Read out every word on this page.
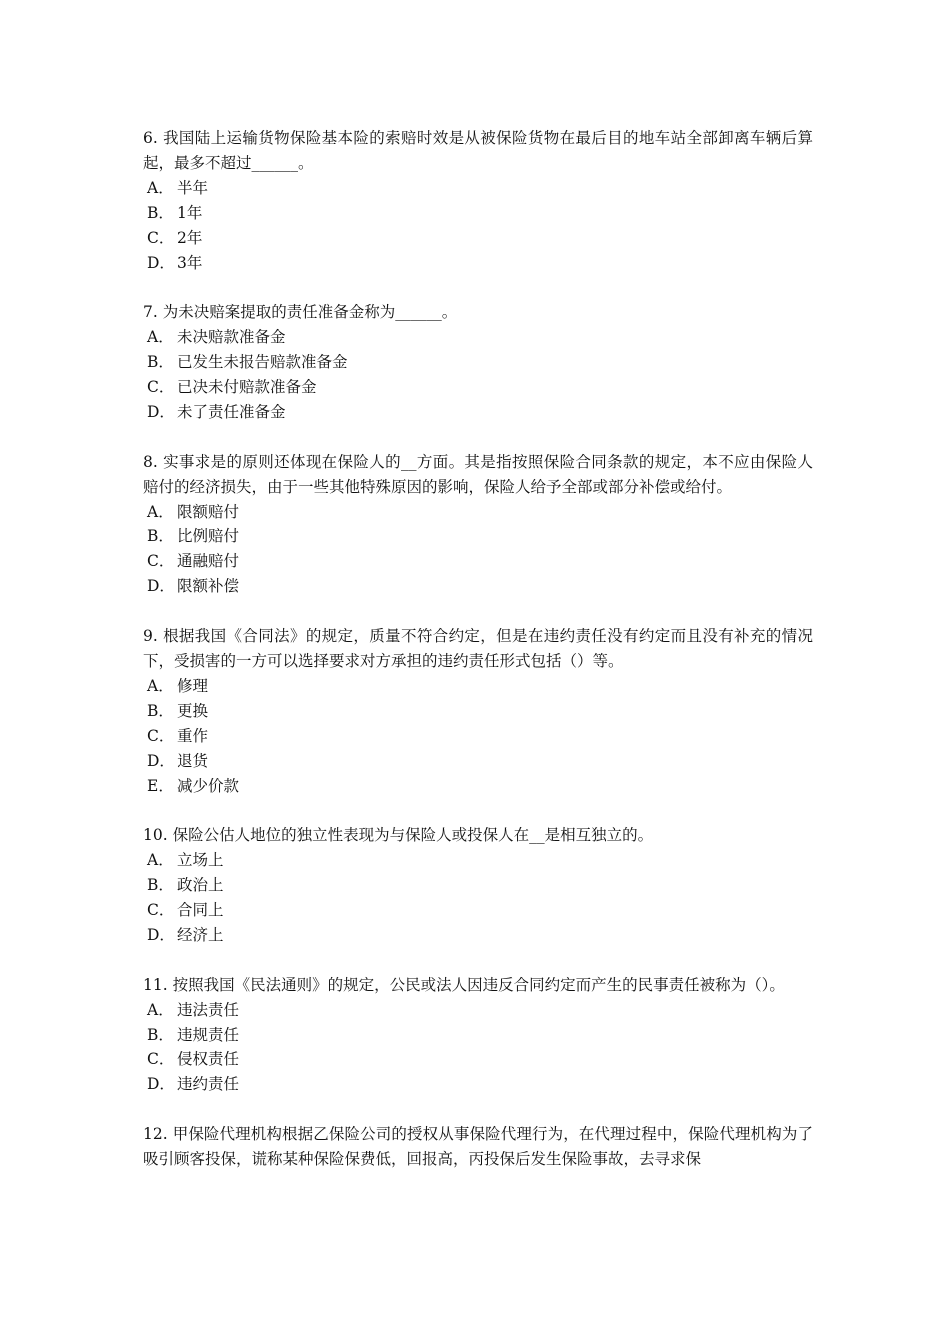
6. 我国陆上运输货物保险基本险的索赔时效是从被保险货物在最后目的地车站全部卸离车辆后算起，最多不超过______。

A． 半年
B． 1年
C． 2年
D． 3年

7. 为未决赔案提取的责任准备金称为______。

A． 未决赔款准备金
B． 已发生未报告赔款准备金
C． 已决未付赔款准备金
D． 未了责任准备金

8. 实事求是的原则还体现在保险人的__方面。其是指按照保险合同条款的规定，本不应由保险人赔付的经济损失，由于一些其他特殊原因的影响，保险人给予全部或部分补偿或给付。

A． 限额赔付
B． 比例赔付
C． 通融赔付
D． 限额补偿

9. 根据我国《合同法》的规定，质量不符合约定，但是在违约责任没有约定而且没有补充的情况下，受损害的一方可以选择要求对方承担的违约责任形式包括（）等。

A． 修理
B． 更换
C． 重作
D． 退货
E． 减少价款

10. 保险公估人地位的独立性表现为与保险人或投保人在__是相互独立的。

A． 立场上
B． 政治上
C． 合同上
D． 经济上

11. 按照我国《民法通则》的规定，公民或法人因违反合同约定而产生的民事责任被称为（）。

A． 违法责任
B． 违规责任
C． 侵权责任
D． 违约责任

12. 甲保险代理机构根据乙保险公司的授权从事保险代理行为，在代理过程中，保险代理机构为了吸引顾客投保，谎称某种保险保费低，回报高，丙投保后发生保险事故，去寻求保
